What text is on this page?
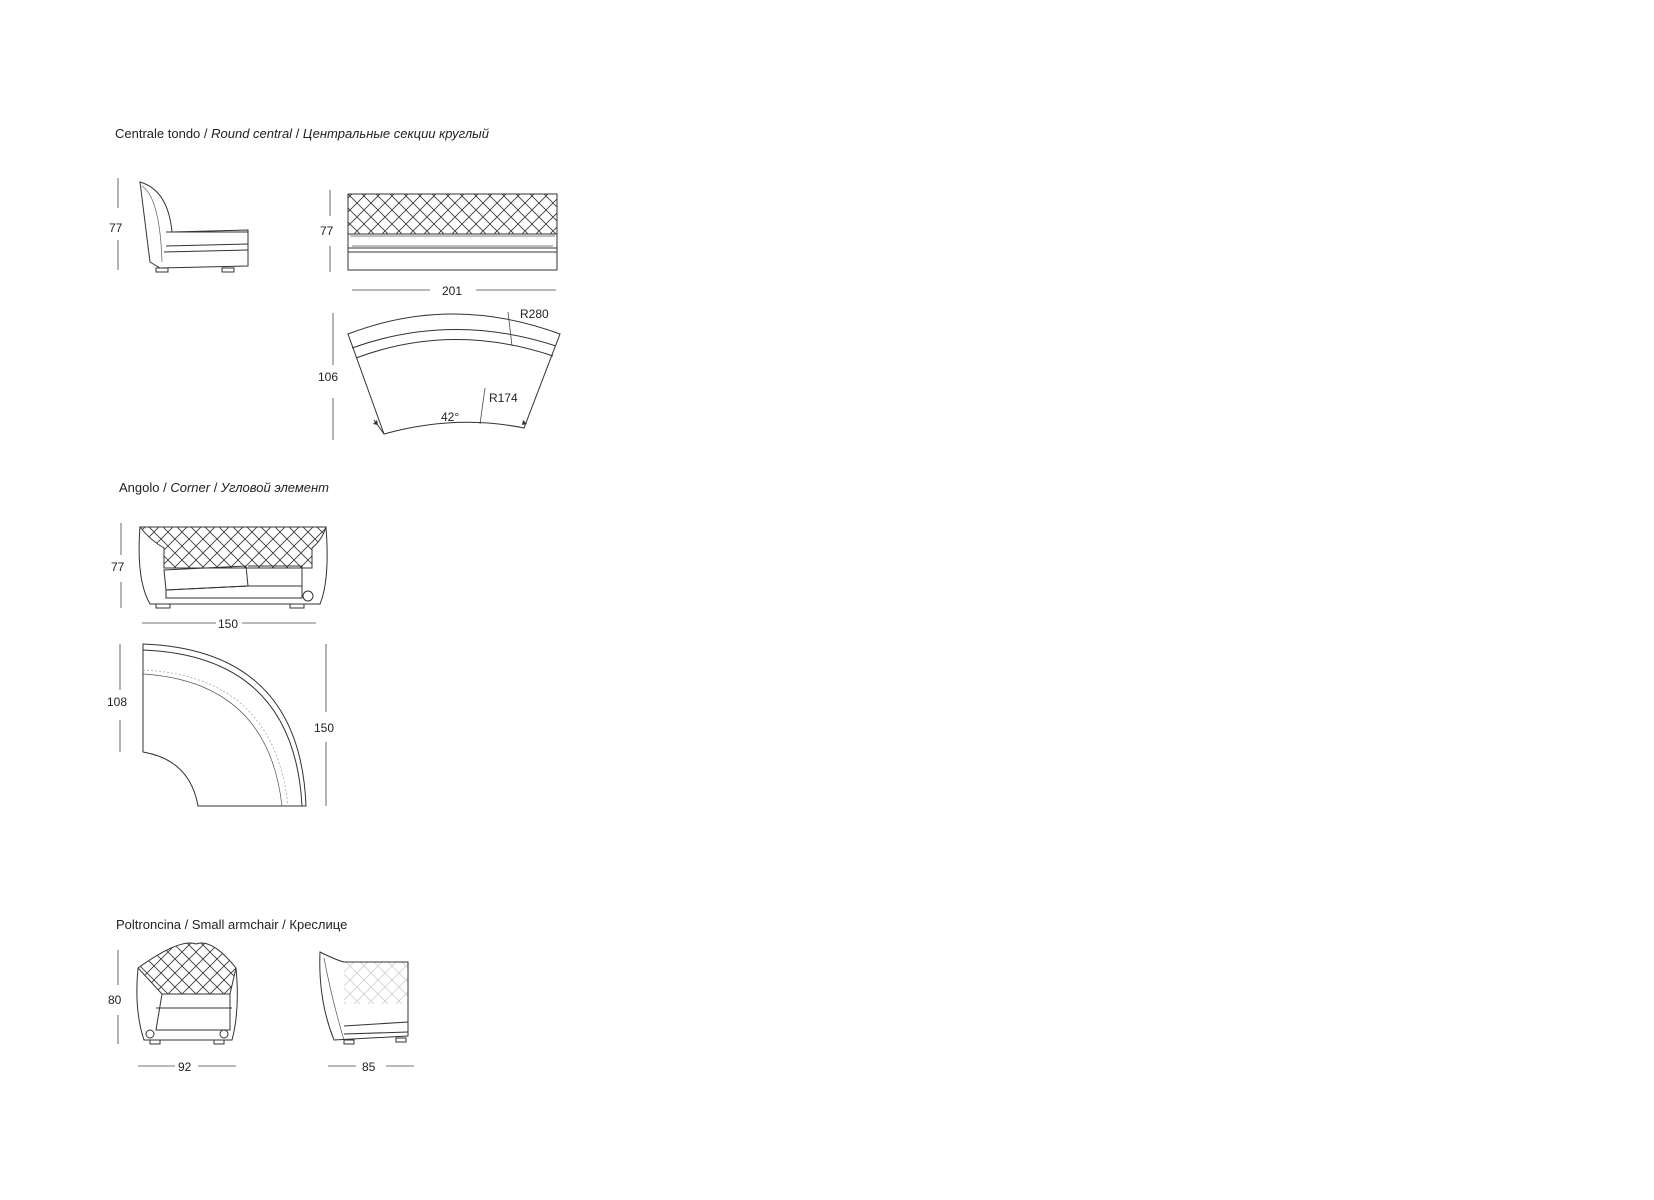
Centrale tondo / Round central / Центральные секции круглый
Angolo / Corner / Угловой элемент
Poltroncina / Small armchair / Креслице
77	77
201
106
R280
R174
42°
77
150
108
150
80
92	85
